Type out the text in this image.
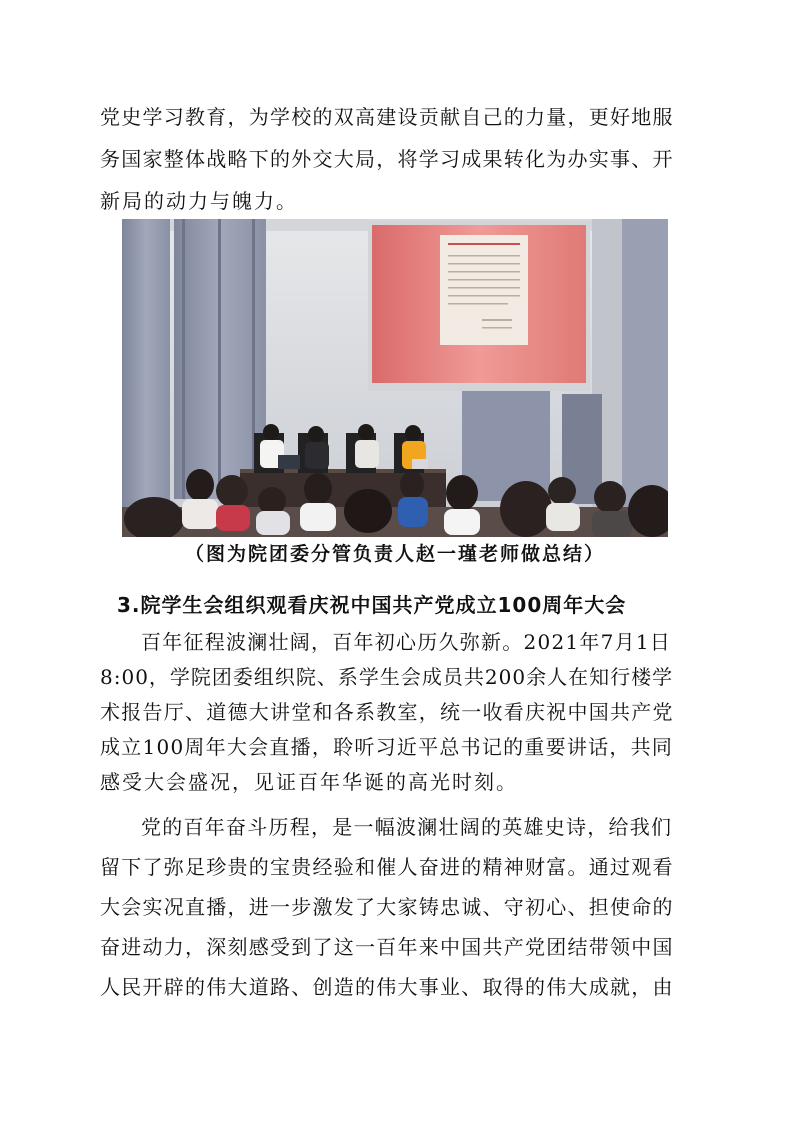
党史学习教育，为学校的双高建设贡献自己的力量，更好地服

务国家整体战略下的外交大局，将学习成果转化为办实事、开

新局的动力与魄力。

（图为院团委分管负责人赵一瑾老师做总结）
3.院学生会组织观看庆祝中国共产党成立100周年大会

百年征程波澜壮阔，百年初心历久弥新。2021年7月1日

8:00，学院团委组织院、系学生会成员共200余人在知行楼学

术报告厅、道德大讲堂和各系教室，统一收看庆祝中国共产党

成立100周年大会直播，聆听习近平总书记的重要讲话，共同

感受大会盛况，见证百年华诞的高光时刻。

党的百年奋斗历程，是一幅波澜壮阔的英雄史诗，给我们

留下了弥足珍贵的宝贵经验和催人奋进的精神财富。通过观看

大会实况直播，进一步激发了大家铸忠诚、守初心、担使命的

奋进动力，深刻感受到了这一百年来中国共产党团结带领中国

人民开辟的伟大道路、创造的伟大事业、取得的伟大成就，由
